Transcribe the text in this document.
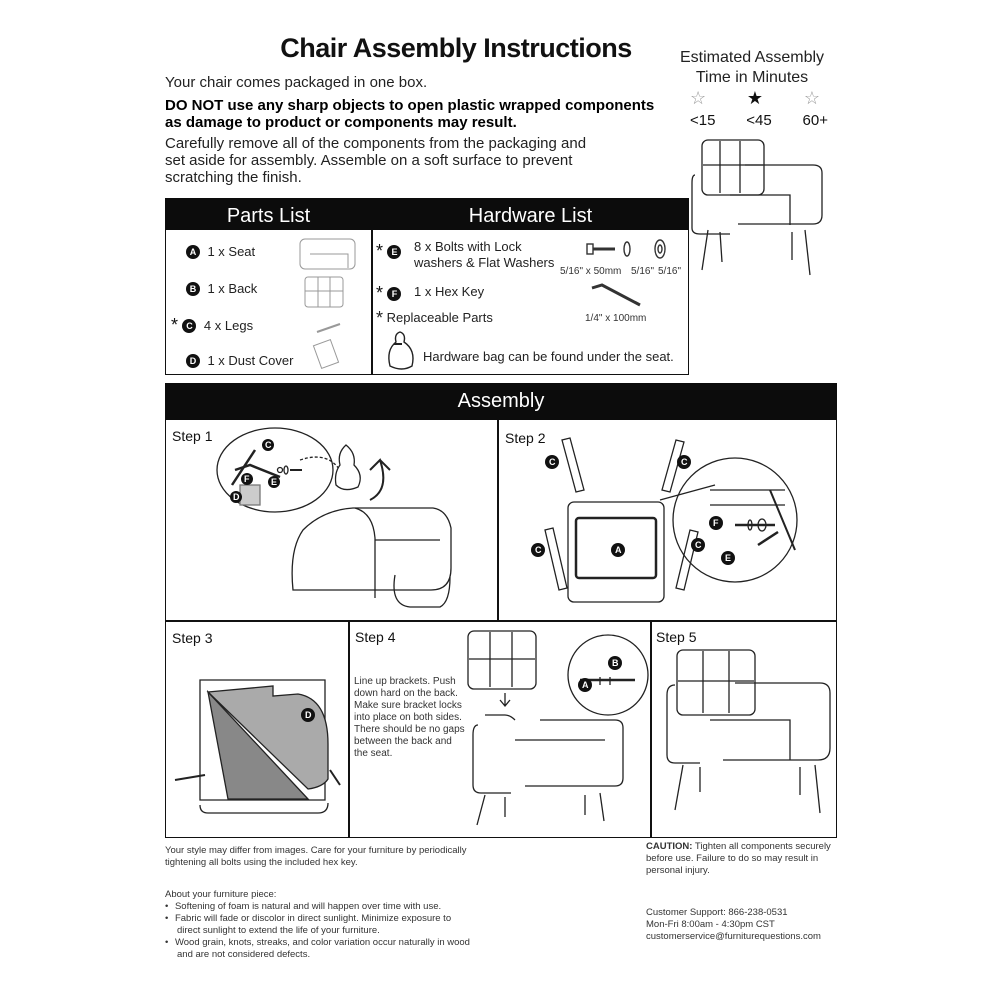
Chair Assembly Instructions
Your chair comes packaged in one box.
DO NOT use any sharp objects to open plastic wrapped components
as damage to product or components may result.
Carefully remove all of the components from the packaging and
set aside for assembly. Assemble on a soft surface to prevent
scratching the finish.
Estimated Assembly
Time in Minutes
☆ ★ ☆
<15 <45 60+
Parts List
A 1 x Seat
B 1 x Back
* C 4 x Legs
D 1 x Dust Cover
Hardware List
* E	8 x Bolts with Lock
washers & Flat Washers
5/16" x 50mm 5/16" 5/16"
* F	1 x Hex Key
1/4" x 100mm
* Replaceable Parts
Hardware bag can be found under the seat.
Assembly
Step 1	Step 2
Step 3	Step 4	Step 5
C
F E
D
C	C
C	C
A
F
E
D
Line up brackets. Push
down hard on the back.
Make sure bracket locks
into place on both sides.
There should be no gaps
between the back and
the seat.
B
A
Your style may differ from images. Care for your furniture by periodically
tightening all bolts using the included hex key.
CAUTION: Tighten all components securely
before use. Failure to do so may result in
personal injury.
About your furniture piece:
• Softening of foam is natural and will happen over time with use.
• Fabric will fade or discolor in direct sunlight. Minimize exposure to
direct sunlight to extend the life of your furniture.
• Wood grain, knots, streaks, and color variation occur naturally in wood
and are not considered defects.
Customer Support: 866-238-0531
Mon-Fri 8:00am - 4:30pm CST
customerservice@furniturequestions.com
